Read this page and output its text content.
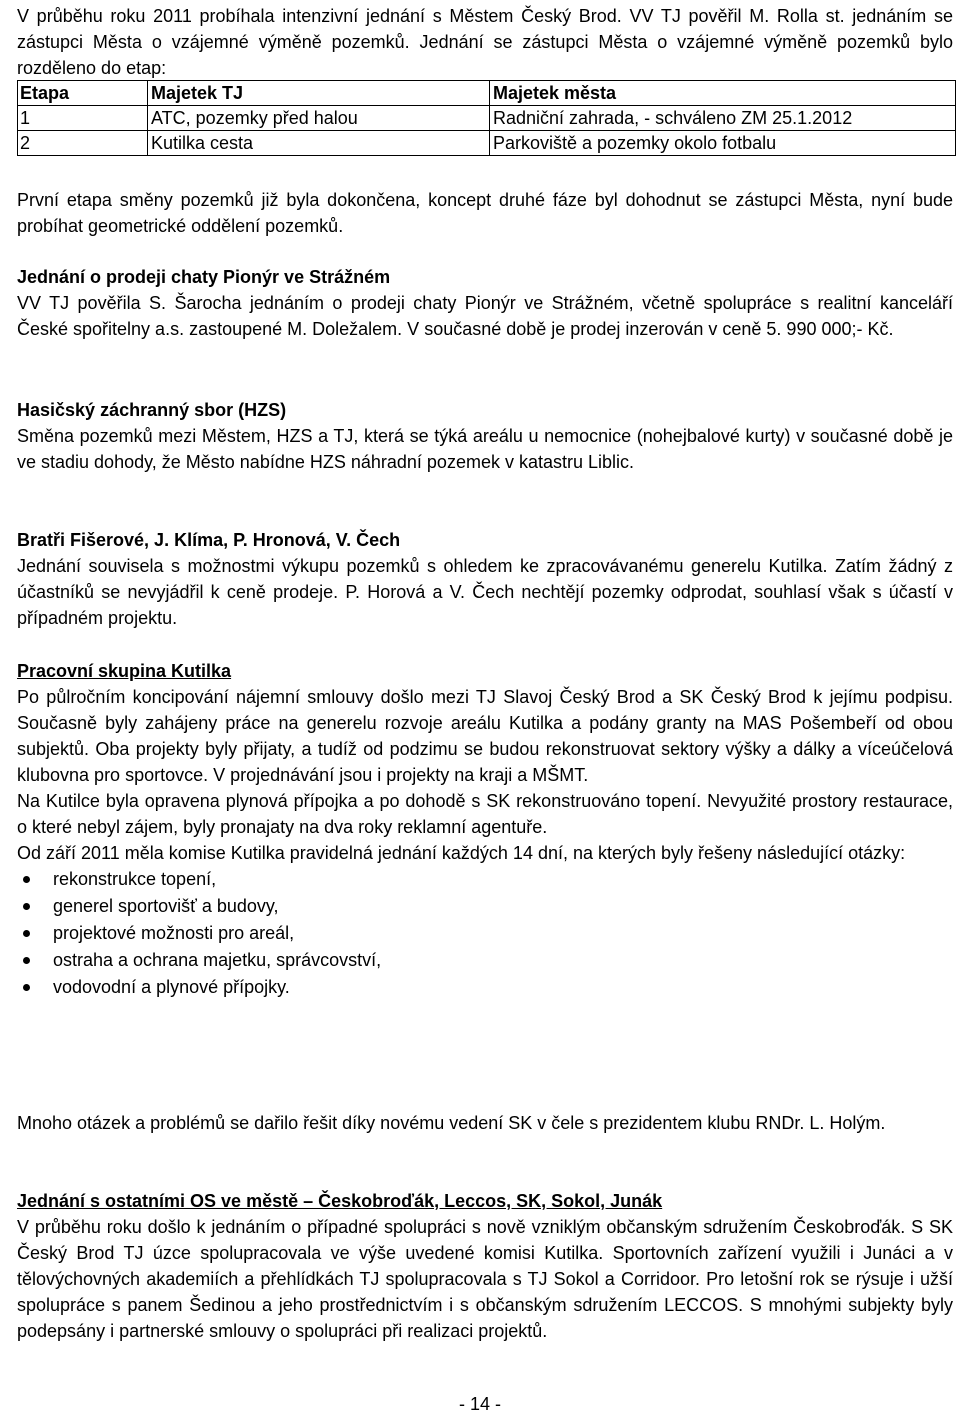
V průběhu roku 2011 probíhala intenzivní jednání s Městem Český Brod. VV TJ pověřil M. Rolla st. jednáním se zástupci Města o vzájemné výměně pozemků. Jednání se zástupci Města o vzájemné výměně pozemků bylo rozděleno do etap:

Etapa	Majetek TJ	Majetek města
1	ATC, pozemky před halou	Radniční zahrada, - schváleno ZM 25.1.2012
2	Kutilka cesta	Parkoviště a pozemky okolo fotbalu

První etapa směny pozemků již byla dokončena, koncept druhé fáze byl dohodnut se zástupci Města, nyní bude probíhat geometrické oddělení pozemků.

Jednání o prodeji chaty Pionýr ve Strážném

VV TJ pověřila S. Šarocha jednáním o prodeji chaty Pionýr ve Strážném, včetně spolupráce s realitní kanceláří České spořitelny a.s. zastoupené M. Doležalem. V současné době je prodej inzerován v ceně 5. 990 000;- Kč.

Hasičský záchranný sbor (HZS)

Směna pozemků mezi Městem, HZS a TJ, která se týká areálu u nemocnice (nohejbalové kurty) v současné době je ve stadiu dohody, že Město nabídne HZS náhradní pozemek v katastru Liblic.

Bratři Fišerové, J. Klíma, P. Hronová, V. Čech

Jednání souvisela s možnostmi výkupu pozemků s ohledem ke zpracovávanému generelu Kutilka. Zatím žádný z účastníků se nevyjádřil k ceně prodeje. P. Horová a V. Čech nechtějí pozemky odprodat, souhlasí však s účastí v případném projektu.

Pracovní skupina Kutilka

Po půlročním koncipování nájemní smlouvy došlo mezi TJ Slavoj Český Brod a SK Český Brod k jejímu podpisu. Současně byly zahájeny práce na generelu rozvoje areálu Kutilka a podány granty na MAS Pošembeří od obou subjektů. Oba projekty byly přijaty, a tudíž od podzimu se budou rekonstruovat sektory výšky a dálky a víceúčelová klubovna pro sportovce. V projednávání jsou i projekty na kraji a MŠMT.

Na Kutilce byla opravena plynová přípojka a po dohodě s SK rekonstruováno topení. Nevyužité prostory restaurace, o které nebyl zájem, byly pronajaty na dva roky reklamní agentuře.

Od září 2011 měla komise Kutilka pravidelná jednání každých 14 dní, na kterých byly řešeny následující otázky:

rekonstrukce topení,
generel sportovišť a budovy,
projektové možnosti pro areál,
ostraha a ochrana majetku, správcovství,
vodovodní a plynové přípojky.

Mnoho otázek a problémů se dařilo řešit díky novému vedení SK v čele s prezidentem klubu RNDr. L. Holým.

Jednání s ostatními OS ve městě – Českobroďák, Leccos, SK, Sokol, Junák

V průběhu roku došlo k jednáním o případné spolupráci s nově vzniklým občanským sdružením Českobroďák. S SK Český Brod TJ úzce spolupracovala ve výše uvedené komisi Kutilka. Sportovních zařízení využili i Junáci a v tělovýchovných akademiích a přehlídkách TJ spolupracovala s TJ Sokol a Corridoor. Pro letošní rok se rýsuje i užší spolupráce s panem Šedinou a jeho prostřednictvím i s občanským sdružením LECCOS. S mnohými subjekty byly podepsány i partnerské smlouvy o spolupráci při realizaci projektů.

- 14 -
